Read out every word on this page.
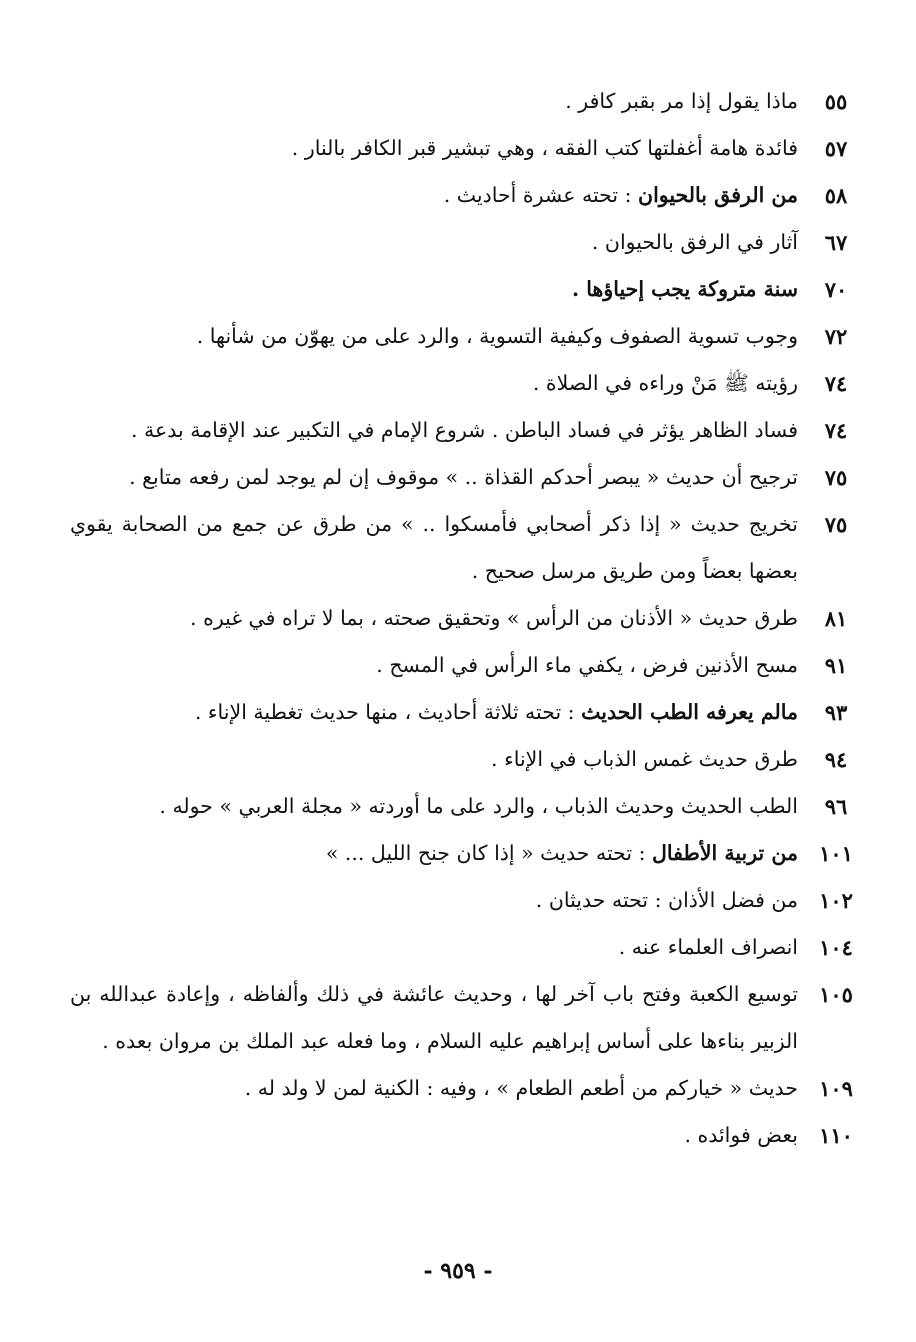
٥٥
ماذا يقول إذا مر بقبر كافر .
٥٧
فائدة هامة أغفلتها كتب الفقه ، وهي تبشير قبر الكافر بالنار .
٥٨
من الرفق بالحيوان : تحته عشرة أحاديث .
٦٧
آثار في الرفق بالحيوان .
٧٠
سنة متروكة يجب إحياؤها .
٧٢
وجوب تسوية الصفوف وكيفية التسوية ، والرد على من يهوّن من شأنها .
٧٤
رؤيته ﷺ مَنْ وراءه في الصلاة .
٧٤
فساد الظاهر يؤثر في فساد الباطن . شروع الإمام في التكبير عند الإقامة بدعة .
٧٥
ترجيح أن حديث « يبصر أحدكم القذاة .. » موقوف إن لم يوجد لمن رفعه متابع .
٧٥
تخريج حديث « إذا ذكر أصحابي فأمسكوا .. » من طرق عن جمع من الصحابة يقوي بعضها بعضاً ومن طريق مرسل صحيح .
٨١
طرق حديث « الأذنان من الرأس » وتحقيق صحته ، بما لا تراه في غيره .
٩١
مسح الأذنين فرض ، يكفي ماء الرأس في المسح .
٩٣
مالم يعرفه الطب الحديث : تحته ثلاثة أحاديث ، منها حديث تغطية الإناء .
٩٤
طرق حديث غمس الذباب في الإناء .
٩٦
الطب الحديث وحديث الذباب ، والرد على ما أوردته « مجلة العربي » حوله .
١٠١
من تربية الأطفال : تحته حديث « إذا كان جنح الليل ... »
١٠٢
من فضل الأذان : تحته حديثان .
١٠٤
انصراف العلماء عنه .
١٠٥
توسيع الكعبة وفتح باب آخر لها ، وحديث عائشة في ذلك وألفاظه ، وإعادة عبدالله بن الزبير بناءها على أساس إبراهيم عليه السلام ، وما فعله عبد الملك بن مروان بعده .
١٠٩
حديث « خياركم من أطعم الطعام » ، وفيه : الكنية لمن لا ولد له .
١١٠
بعض فوائده .
- ٩٥٩ -
